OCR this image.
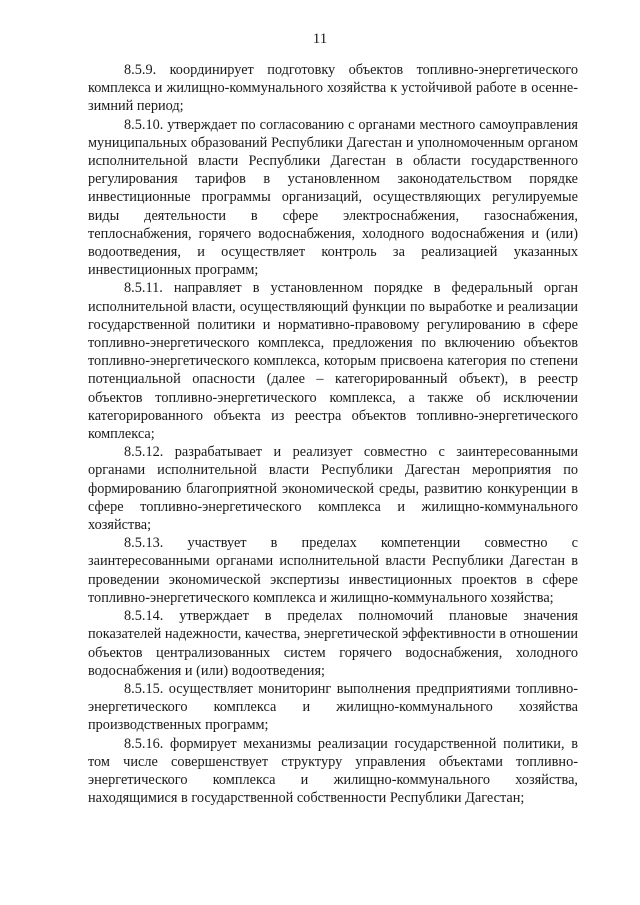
11

8.5.9. координирует подготовку объектов топливно-энергетического комплекса и жилищно-коммунального хозяйства к устойчивой работе в осенне-зимний период;

8.5.10. утверждает по согласованию с органами местного самоуправления муниципальных образований Республики Дагестан и уполномоченным органом исполнительной власти Республики Дагестан в области государственного регулирования тарифов в установленном законодательством порядке инвестиционные программы организаций, осуществляющих регулируемые виды деятельности в сфере электроснабжения, газоснабжения, теплоснабжения, горячего водоснабжения, холодного водоснабжения и (или) водоотведения, и осуществляет контроль за реализацией указанных инвестиционных программ;

8.5.11. направляет в установленном порядке в федеральный орган исполнительной власти, осуществляющий функции по выработке и реализации государственной политики и нормативно-правовому регулированию в сфере топливно-энергетического комплекса, предложения по включению объектов топливно-энергетического комплекса, которым присвоена категория по степени потенциальной опасности (далее – категорированный объект), в реестр объектов топливно-энергетического комплекса, а также об исключении категорированного объекта из реестра объектов топливно-энергетического комплекса;

8.5.12. разрабатывает и реализует совместно с заинтересованными органами исполнительной власти Республики Дагестан мероприятия по формированию благоприятной экономической среды, развитию конкуренции в сфере топливно-энергетического комплекса и жилищно-коммунального хозяйства;

8.5.13. участвует в пределах компетенции совместно с заинтересованными органами исполнительной власти Республики Дагестан в проведении экономической экспертизы инвестиционных проектов в сфере топливно-энергетического комплекса и жилищно-коммунального хозяйства;

8.5.14. утверждает в пределах полномочий плановые значения показателей надежности, качества, энергетической эффективности в отношении объектов централизованных систем горячего водоснабжения, холодного водоснабжения и (или) водоотведения;

8.5.15. осуществляет мониторинг выполнения предприятиями топливно-энергетического комплекса и жилищно-коммунального хозяйства производственных программ;

8.5.16. формирует механизмы реализации государственной политики, в том числе совершенствует структуру управления объектами топливно-энергетического комплекса и жилищно-коммунального хозяйства, находящимися в государственной собственности Республики Дагестан;
